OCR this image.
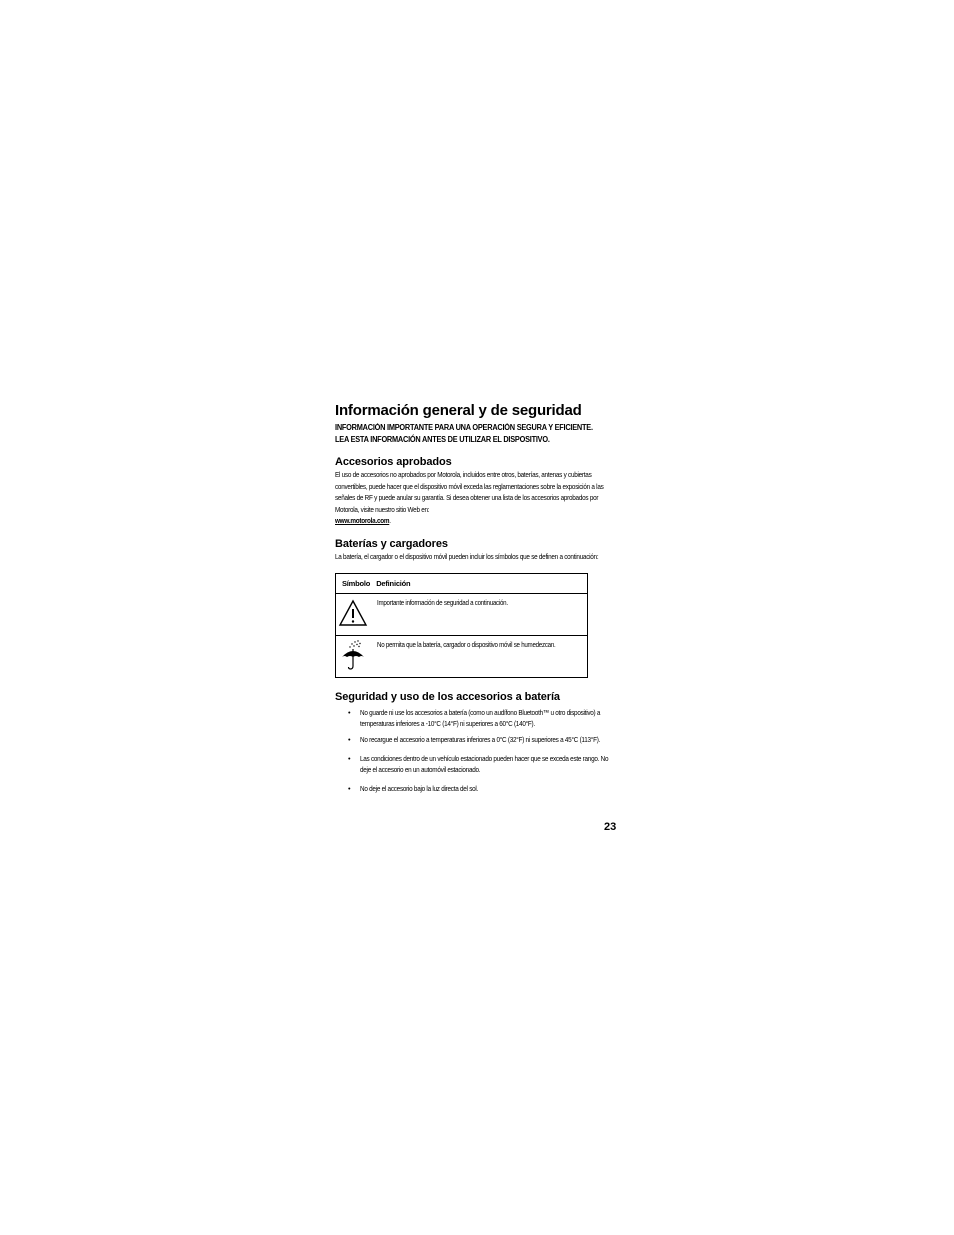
Información general y de seguridad
INFORMACIÓN IMPORTANTE PARA UNA OPERACIÓN SEGURA Y EFICIENTE.
LEA ESTA INFORMACIÓN ANTES DE UTILIZAR EL DISPOSITIVO.
Accesorios aprobados

El uso de accesorios no aprobados por Motorola, incluidos entre otros, baterías, antenas y cubiertas convertibles, puede hacer que el dispositivo móvil exceda las reglamentaciones sobre la exposición a las señales de RF y puede anular su garantía. Si desea obtener una lista de los accesorios aprobados por Motorola, visite nuestro sitio Web en:
www.motorola.com.

Baterías y cargadores

La batería, el cargador o el dispositivo móvil pueden incluir los símbolos que se definen a continuación:

Símbolo	Definición

Importante información de seguridad a continuación.

No permita que la batería, cargador o dispositivo móvil se humedezcan.
Seguridad y uso de los accesorios a batería
• No guarde ni use los accesorios a batería (como un audífono Bluetooth™ u otro dispositivo) a temperaturas inferiores a -10°C (14°F) ni superiores a 60°C (140°F).
• No recargue el accesorio a temperaturas inferiores a 0°C (32°F) ni superiores a 45°C (113°F).
• Las condiciones dentro de un vehículo estacionado pueden hacer que se exceda este rango. No deje el accesorio en un automóvil estacionado.
• No deje el accesorio bajo la luz directa del sol.
23
